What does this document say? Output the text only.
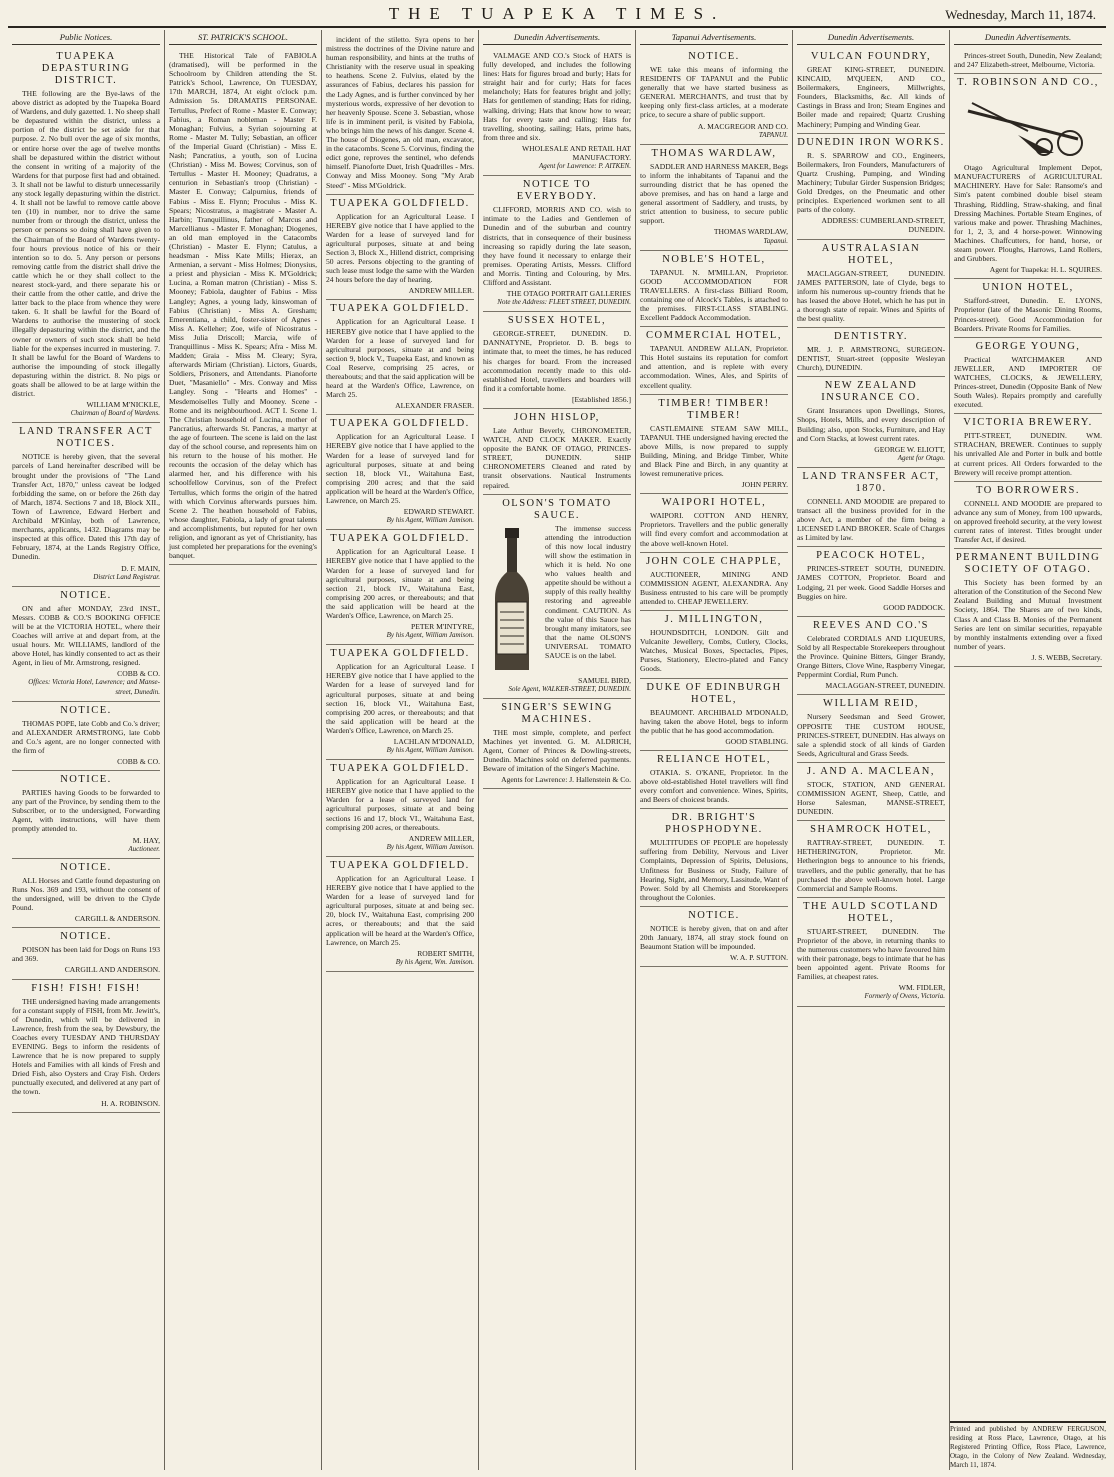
THE TUAPEKA TIMES.	Wednesday, March 11, 1874.
Public Notices.
TUAPEKA DEPASTURING DISTRICT.
THE following are the Bye-laws of the above district as adopted by the Tuapeka Board of Wardens, and duly gazetted. 1. No sheep shall be depastured within the district, unless a portion of the district be set aside for that purpose. 2. No bull over the age of six months, or entire horse over the age of twelve months shall be depastured within the district without the consent in writing of a majority of the Wardens for that purpose first had and obtained. 3. It shall not be lawful to disturb unnecessarily any stock legally depasturing within the district. 4. It shall not be lawful to remove cattle above ten (10) in number, nor to drive the same number from or through the district, unless the person or persons so doing shall have given to the Chairman of the Board of Wardens twenty-four hours previous notice of his or their intention so to do. 5. Any person or persons removing cattle from the district shall drive the cattle which he or they shall collect to the nearest stock-yard, and there separate his or their cattle from the other cattle, and drive the latter back to the place from whence they were taken. 6. It shall be lawful for the Board of Wardens to authorise the mustering of stock illegally depasturing within the district, and the owner or owners of such stock shall be held liable for the expenses incurred in mustering. 7. It shall be lawful for the Board of Wardens to authorise the impounding of stock illegally depasturing within the district. 8. No pigs or goats shall be allowed to be at large within the district.
WILLIAM M'NICKLE,
Chairman of Board of Wardens.
LAND TRANSFER ACT NOTICES.
NOTICE is hereby given, that the several parcels of Land hereinafter described will be brought under the provisions of "The Land Transfer Act, 1870," unless caveat be lodged forbidding the same, on or before the 26th day of March, 1874. Sections 7 and 18, Block XII., Town of Lawrence, Edward Herbert and Archibald M'Kinlay, both of Lawrence, merchants, applicants, 1432. Diagrams may be inspected at this office. Dated this 17th day of February, 1874, at the Lands Registry Office, Dunedin.
D. F. MAIN,
District Land Registrar.
NOTICE.
ON and after MONDAY, 23rd INST., Messrs. COBB & CO.'S BOOKING OFFICE will be at the VICTORIA HOTEL, where their Coaches will arrive at and depart from, at the usual hours. Mr. WILLIAMS, landlord of the above Hotel, has kindly consented to act as their Agent, in lieu of Mr. Armstrong, resigned.
COBB & CO.
Offices: Victoria Hotel, Lawrence; and Manse-street, Dunedin.
NOTICE.
THOMAS POPE, late Cobb and Co.'s driver; and ALEXANDER ARMSTRONG, late Cobb and Co.'s agent, are no longer connected with the firm of
COBB & CO.
NOTICE.
PARTIES having Goods to be forwarded to any part of the Province, by sending them to the Subscriber, or to the undersigned, Forwarding Agent, with instructions, will have them promptly attended to.
M. HAY,
Auctioneer.
NOTICE.
ALL Horses and Cattle found depasturing on Runs Nos. 369 and 193, without the consent of the undersigned, will be driven to the Clyde Pound.
CARGILL & ANDERSON.
NOTICE.
POISON has been laid for Dogs on Runs 193 and 369.
CARGILL AND ANDERSON.
FISH! FISH! FISH!
THE undersigned having made arrangements for a constant supply of FISH, from Mr. Jewitt's, of Dunedin, which will be delivered in Lawrence, fresh from the sea, by Dewsbury, the Coaches every TUESDAY AND THURSDAY EVENING. Begs to inform the residents of Lawrence that he is now prepared to supply Hotels and Families with all kinds of Fresh and Dried Fish, also Oysters and Cray Fish. Orders punctually executed, and delivered at any part of the town.
H. A. ROBINSON.
ST. PATRICK'S SCHOOL.
THE Historical Tale of FABIOLA (dramatised), will be performed in the Schoolroom by Children attending the St. Patrick's School, Lawrence, On TUESDAY, 17th MARCH, 1874, At eight o'clock p.m. Admission 5s. DRAMATIS PERSONAE. Tertullus, Prefect of Rome - Master E. Conway; Fabius, a Roman nobleman - Master F. Monaghan; Fulvius, a Syrian sojourning at Rome - Master M. Tully; Sebastian, an officer of the Imperial Guard (Christian) - Miss E. Nash; Pancratius, a youth, son of Lucina (Christian) - Miss M. Bowes; Corvinus, son of Tertullus - Master H. Mooney; Quadratus, a centurion in Sebastian's troop (Christian) - Master E. Conway; Calpurnius, friends of Fabius - Miss E. Flynn; Proculus - Miss K. Spears; Nicostratus, a magistrate - Master A. Harbin; Tranquillinus, father of Marcus and Marcellianus - Master F. Monaghan; Diogenes, an old man employed in the Catacombs (Christian) - Master E. Flynn; Catulus, a headsman - Miss Kate Mills; Hierax, an Armenian, a servant - Miss Holmes; Dionysius, a priest and physician - Miss K. M'Goldrick; Lucina, a Roman matron (Christian) - Miss S. Mooney; Fabiola, daughter of Fabius - Miss Langley; Agnes, a young lady, kinswoman of Fabius (Christian) - Miss A. Gresham; Emerentiana, a child, foster-sister of Agnes - Miss A. Kelleher; Zoe, wife of Nicostratus - Miss Julia Driscoll; Marcia, wife of Tranquillinus - Miss K. Spears; Afra - Miss M. Madden; Graia - Miss M. Cleary; Syra, afterwards Miriam (Christian). Lictors, Guards, Soldiers, Prisoners, and Attendants. Pianoforte Duet, "Masaniello" - Mrs. Conway and Miss Langley. Song - "Hearts and Homes" - Mesdemoiselles Tully and Mooney. Scene - Rome and its neighbourhood. ACT I. Scene 1. The Christian household of Lucina, mother of Pancratius, afterwards St. Pancras, a martyr at the age of fourteen. The scene is laid on the last day of the school course, and represents him on his return to the house of his mother. He recounts the occasion of the delay which has alarmed her, and his difference with his schoolfellow Corvinus, son of the Prefect Tertullus, which forms the origin of the hatred with which Corvinus afterwards pursues him. Scene 2. The heathen household of Fabius, whose daughter, Fabiola, a lady of great talents and accomplishments, but reputed for her own religion, and ignorant as yet of Christianity, has just completed her preparations for the evening's banquet.
incident of the stiletto. Syra opens to her mistress the doctrines of the Divine nature and human responsibility, and hints at the truths of Christianity with the reserve usual in speaking to heathens. Scene 2. Fulvius, elated by the assurances of Fabius, declares his passion for the Lady Agnes, and is further convinced by her mysterious words, expressive of her devotion to her heavenly Spouse. Scene 3. Sebastian, whose life is in imminent peril, is visited by Fabiola, who brings him the news of his danger. Scene 4. The house of Diogenes, an old man, excavator, in the catacombs. Scene 5. Corvinus, finding the edict gone, reproves the sentinel, who defends himself. Pianoforte Duet, Irish Quadrilles - Mrs. Conway and Miss Mooney. Song "My Arab Steed" - Miss M'Goldrick.
TUAPEKA GOLDFIELD.
Application for an Agricultural Lease. I HEREBY give notice that I have applied to the Warden for a lease of surveyed land for agricultural purposes, situate at and being Section 3, Block X., Hillend district, comprising 50 acres. Persons objecting to the granting of such lease must lodge the same with the Warden 24 hours before the day of hearing.
ANDREW MILLER.
TUAPEKA GOLDFIELD.
Application for an Agricultural Lease. I HEREBY give notice that I have applied to the Warden for a lease of surveyed land for agricultural purposes, situate at and being section 9, block V., Tuapeka East, and known as Coal Reserve, comprising 25 acres, or thereabouts; and that the said application will be heard at the Warden's Office, Lawrence, on March 25.
ALEXANDER FRASER.
TUAPEKA GOLDFIELD.
Application for an Agricultural Lease. I HEREBY give notice that I have applied to the Warden for a lease of surveyed land for agricultural purposes, situate at and being section 18, block VI., Waitahuna East, comprising 200 acres; and that the said application will be heard at the Warden's Office, Lawrence, on March 25.
EDWARD STEWART.
By his Agent, William Jamison.
TUAPEKA GOLDFIELD.
Application for an Agricultural Lease. I HEREBY give notice that I have applied to the Warden for a lease of surveyed land for agricultural purposes, situate at and being section 21, block IV., Waitahuna East, comprising 200 acres, or thereabouts; and that the said application will be heard at the Warden's Office, Lawrence, on March 25.
PETER M'INTYRE,
By his Agent, William Jamison.
TUAPEKA GOLDFIELD.
Application for an Agricultural Lease. I HEREBY give notice that I have applied to the Warden for a lease of surveyed land for agricultural purposes, situate at and being section 16, block VI., Waitahuna East, comprising 200 acres, or thereabouts; and that the said application will be heard at the Warden's Office, Lawrence, on March 25.
LACHLAN M'DONALD,
By his Agent, William Jamison.
TUAPEKA GOLDFIELD.
Application for an Agricultural Lease. I HEREBY give notice that I have applied to the Warden for a lease of surveyed land for agricultural purposes, situate at and being sections 16 and 17, block VI., Waitahuna East, comprising 200 acres, or thereabouts.
ANDREW MILLER,
By his Agent, William Jamison.
TUAPEKA GOLDFIELD.
Application for an Agricultural Lease. I HEREBY give notice that I have applied to the Warden for a lease of surveyed land for agricultural purposes, situate at and being sec. 20, block IV., Waitahuna East, comprising 200 acres, or thereabouts; and that the said application will be heard at the Warden's Office, Lawrence, on March 25.
ROBERT SMITH,
By his Agent, Wm. Jamison.
Dunedin Advertisements.
VALMAGE AND CO.'s Stock of HATS is fully developed, and includes the following lines: Hats for figures broad and burly; Hats for straight hair and for curly; Hats for faces melancholy; Hats for features bright and jolly; Hats for gentlemen of standing; Hats for riding, walking, driving; Hats that know how to wear; Hats for every taste and calling; Hats for travelling, shooting, sailing; Hats, prime hats, from three and six.
WHOLESALE AND RETAIL HAT MANUFACTORY.
Agent for Lawrence: P. AITKEN.
NOTICE TO EVERYBODY.
CLIFFORD, MORRIS AND CO. wish to intimate to the Ladies and Gentlemen of Dunedin and of the suburban and country districts, that in consequence of their business increasing so rapidly during the late season, they have found it necessary to enlarge their premises. Operating Artists, Messrs. Clifford and Morris. Tinting and Colouring, by Mrs. Clifford and Assistant.
THE OTAGO PORTRAIT GALLERIES
Note the Address: FLEET STREET, DUNEDIN.
SUSSEX HOTEL,
GEORGE-STREET, DUNEDIN. D. DANNATYNE, Proprietor. D. B. begs to intimate that, to meet the times, he has reduced his charges for board. From the increased accommodation recently made to this old-established Hotel, travellers and boarders will find it a comfortable home.
[Established 1856.]
JOHN HISLOP,
Late Arthur Beverly, CHRONOMETER, WATCH, AND CLOCK MAKER. Exactly opposite the BANK OF OTAGO, PRINCES-STREET, DUNEDIN. SHIP CHRONOMETERS Cleaned and rated by transit observations. Nautical Instruments repaired.
OLSON'S TOMATO SAUCE.
The immense success attending the introduction of this now local industry will show the estimation in which it is held. No one who values health and appetite should be without a supply of this really healthy restoring and agreeable condiment. CAUTION. As the value of this Sauce has brought many imitators, see that the name OLSON'S UNIVERSAL TOMATO SAUCE is on the label.
SAMUEL BIRD,
Sole Agent, WALKER-STREET, DUNEDIN.
SINGER'S SEWING MACHINES.
THE most simple, complete, and perfect Machines yet invented. G. M. ALDRICH, Agent, Corner of Princes & Dowling-streets, Dunedin. Machines sold on deferred payments. Beware of imitation of the Singer's Machine.
Agents for Lawrence: J. Hallenstein & Co.
Tapanui Advertisements.
NOTICE.
WE take this means of informing the RESIDENTS OF TAPANUI and the Public generally that we have started business as GENERAL MERCHANTS, and trust that by keeping only first-class articles, at a moderate price, to secure a share of public support.
A. MACGREGOR AND CO.
TAPANUI.
THOMAS WARDLAW,
SADDLER AND HARNESS MAKER, Begs to inform the inhabitants of Tapanui and the surrounding district that he has opened the above premises, and has on hand a large and general assortment of Saddlery, and trusts, by strict attention to business, to secure public support.
THOMAS WARDLAW,
Tapanui.
NOBLE'S HOTEL,
TAPANUI. N. M'MILLAN, Proprietor. GOOD ACCOMMODATION FOR TRAVELLERS. A first-class Billiard Room, containing one of Alcock's Tables, is attached to the premises. FIRST-CLASS STABLING. Excellent Paddock Accommodation.
COMMERCIAL HOTEL,
TAPANUI. ANDREW ALLAN, Proprietor. This Hotel sustains its reputation for comfort and attention, and is replete with every accommodation. Wines, Ales, and Spirits of excellent quality.
TIMBER! TIMBER! TIMBER!
CASTLEMAINE STEAM SAW MILL, TAPANUI. THE undersigned having erected the above Mills, is now prepared to supply Building, Mining, and Bridge Timber, White and Black Pine and Birch, in any quantity at lowest remunerative prices.
JOHN PERRY.
WAIPORI HOTEL,
WAIPORI. COTTON AND HENRY, Proprietors. Travellers and the public generally will find every comfort and accommodation at the above well-known Hotel.
JOHN COLE CHAPPLE,
AUCTIONEER, MINING AND COMMISSION AGENT, ALEXANDRA. Any Business entrusted to his care will be promptly attended to. CHEAP JEWELLERY.
J. MILLINGTON,
HOUNDSDITCH, LONDON. Gilt and Vulcanite Jewellery, Combs, Cutlery, Clocks, Watches, Musical Boxes, Spectacles, Pipes, Purses, Stationery, Electro-plated and Fancy Goods.
DUKE OF EDINBURGH HOTEL,
BEAUMONT. ARCHIBALD M'DONALD, having taken the above Hotel, begs to inform the public that he has good accommodation.
GOOD STABLING.
RELIANCE HOTEL,
OTAKIA. S. O'KANE, Proprietor. In the above old-established Hotel travellers will find every comfort and convenience. Wines, Spirits, and Beers of choicest brands.
DR. BRIGHT'S PHOSPHODYNE.
MULTITUDES OF PEOPLE are hopelessly suffering from Debility, Nervous and Liver Complaints, Depression of Spirits, Delusions, Unfitness for Business or Study, Failure of Hearing, Sight, and Memory, Lassitude, Want of Power. Sold by all Chemists and Storekeepers throughout the Colonies.
NOTICE.
NOTICE is hereby given, that on and after 20th January, 1874, all stray stock found on Beaumont Station will be impounded.
W. A. P. SUTTON.
Dunedin Advertisements.
VULCAN FOUNDRY,
GREAT KING-STREET, DUNEDIN. KINCAID, M'QUEEN, AND CO., Boilermakers, Engineers, Millwrights, Founders, Blacksmiths, &c. All kinds of Castings in Brass and Iron; Steam Engines and Boiler made and repaired; Quartz Crushing Machinery; Pumping and Winding Gear.
DUNEDIN IRON WORKS.
R. S. SPARROW and CO., Engineers, Boilermakers, Iron Founders, Manufacturers of Quartz Crushing, Pumping, and Winding Machinery; Tubular Girder Suspension Bridges; Gold Dredges, on the Pneumatic and other principles. Experienced workmen sent to all parts of the colony.
ADDRESS: CUMBERLAND-STREET, DUNEDIN.
AUSTRALASIAN HOTEL,
MACLAGGAN-STREET, DUNEDIN. JAMES PATTERSON, late of Clyde, begs to inform his numerous up-country friends that he has leased the above Hotel, which he has put in a thorough state of repair. Wines and Spirits of the best quality.
DENTISTRY.
MR. J. P. ARMSTRONG, SURGEON-DENTIST, Stuart-street (opposite Wesleyan Church), DUNEDIN.
NEW ZEALAND INSURANCE CO.
Grant Insurances upon Dwellings, Stores, Shops, Hotels, Mills, and every description of Building; also, upon Stocks, Furniture, and Hay and Corn Stacks, at lowest current rates.
GEORGE W. ELIOTT,
Agent for Otago.
LAND TRANSFER ACT, 1870.
CONNELL AND MOODIE are prepared to transact all the business provided for in the above Act, a member of the firm being a LICENSED LAND BROKER. Scale of Charges as Limited by law.
PEACOCK HOTEL,
PRINCES-STREET SOUTH, DUNEDIN. JAMES COTTON, Proprietor. Board and Lodging, 21 per week. Good Saddle Horses and Buggies on hire.
GOOD PADDOCK.
REEVES AND CO.'S
Celebrated CORDIALS AND LIQUEURS, Sold by all Respectable Storekeepers throughout the Province. Quinine Bitters, Ginger Brandy, Orange Bitters, Clove Wine, Raspberry Vinegar, Peppermint Cordial, Rum Punch.
MACLAGGAN-STREET, DUNEDIN.
WILLIAM REID,
Nursery Seedsman and Seed Grower, OPPOSITE THE CUSTOM HOUSE, PRINCES-STREET, DUNEDIN. Has always on sale a splendid stock of all kinds of Garden Seeds, Agricultural and Grass Seeds.
J. AND A. MACLEAN,
STOCK, STATION, AND GENERAL COMMISSION AGENT, Sheep, Cattle, and Horse Salesman, MANSE-STREET, DUNEDIN.
SHAMROCK HOTEL,
RATTRAY-STREET, DUNEDIN. T. HETHERINGTON, Proprietor. Mr. Hetherington begs to announce to his friends, travellers, and the public generally, that he has purchased the above well-known hotel. Large Commercial and Sample Rooms.
THE AULD SCOTLAND HOTEL,
STUART-STREET, DUNEDIN. The Proprietor of the above, in returning thanks to the numerous customers who have favoured him with their patronage, begs to intimate that he has been appointed agent. Private Rooms for Families, at cheapest rates.
WM. FIDLER,
Formerly of Ovens, Victoria.
Dunedin Advertisements.
Princes-street South, Dunedin, New Zealand; and 247 Elizabeth-street, Melbourne, Victoria.
T. ROBINSON AND CO.,
Otago Agricultural Implement Depot, MANUFACTURERS of AGRICULTURAL MACHINERY. Have for Sale: Ransome's and Sim's patent combined double bisel steam Thrashing, Riddling, Straw-shaking, and final Dressing Machines. Portable Steam Engines, of various make and power. Thrashing Machines, for 1, 2, 3, and 4 horse-power. Winnowing Machines. Chaffcutters, for hand, horse, or steam power. Ploughs, Harrows, Land Rollers, and Grubbers.
Agent for Tuapeka: H. L. SQUIRES.
UNION HOTEL,
Stafford-street, Dunedin. E. LYONS, Proprietor (late of the Masonic Dining Rooms, Princes-street). Good Accommodation for Boarders. Private Rooms for Families.
GEORGE YOUNG,
Practical WATCHMAKER AND JEWELLER, AND IMPORTER OF WATCHES, CLOCKS, & JEWELLERY, Princes-street, Dunedin (Opposite Bank of New South Wales). Repairs promptly and carefully executed.
VICTORIA BREWERY.
PITT-STREET, DUNEDIN. WM. STRACHAN, BREWER. Continues to supply his unrivalled Ale and Porter in bulk and bottle at current prices. All Orders forwarded to the Brewery will receive prompt attention.
TO BORROWERS.
CONNELL AND MOODIE are prepared to advance any sum of Money, from 100 upwards, on approved freehold security, at the very lowest current rates of interest. Titles brought under Transfer Act, if desired.
PERMANENT BUILDING SOCIETY OF OTAGO.
This Society has been formed by an alteration of the Constitution of the Second New Zealand Building and Mutual Investment Society, 1864. The Shares are of two kinds, Class A and Class B. Monies of the Permanent Series are lent on similar securities, repayable by monthly instalments extending over a fixed number of years.
J. S. WEBB, Secretary.
Printed and published by ANDREW FERGUSON, residing at Ross Place, Lawrence, Otago, at his Registered Printing Office, Ross Place, Lawrence, Otago, in the Colony of New Zealand. Wednesday, March 11, 1874.
